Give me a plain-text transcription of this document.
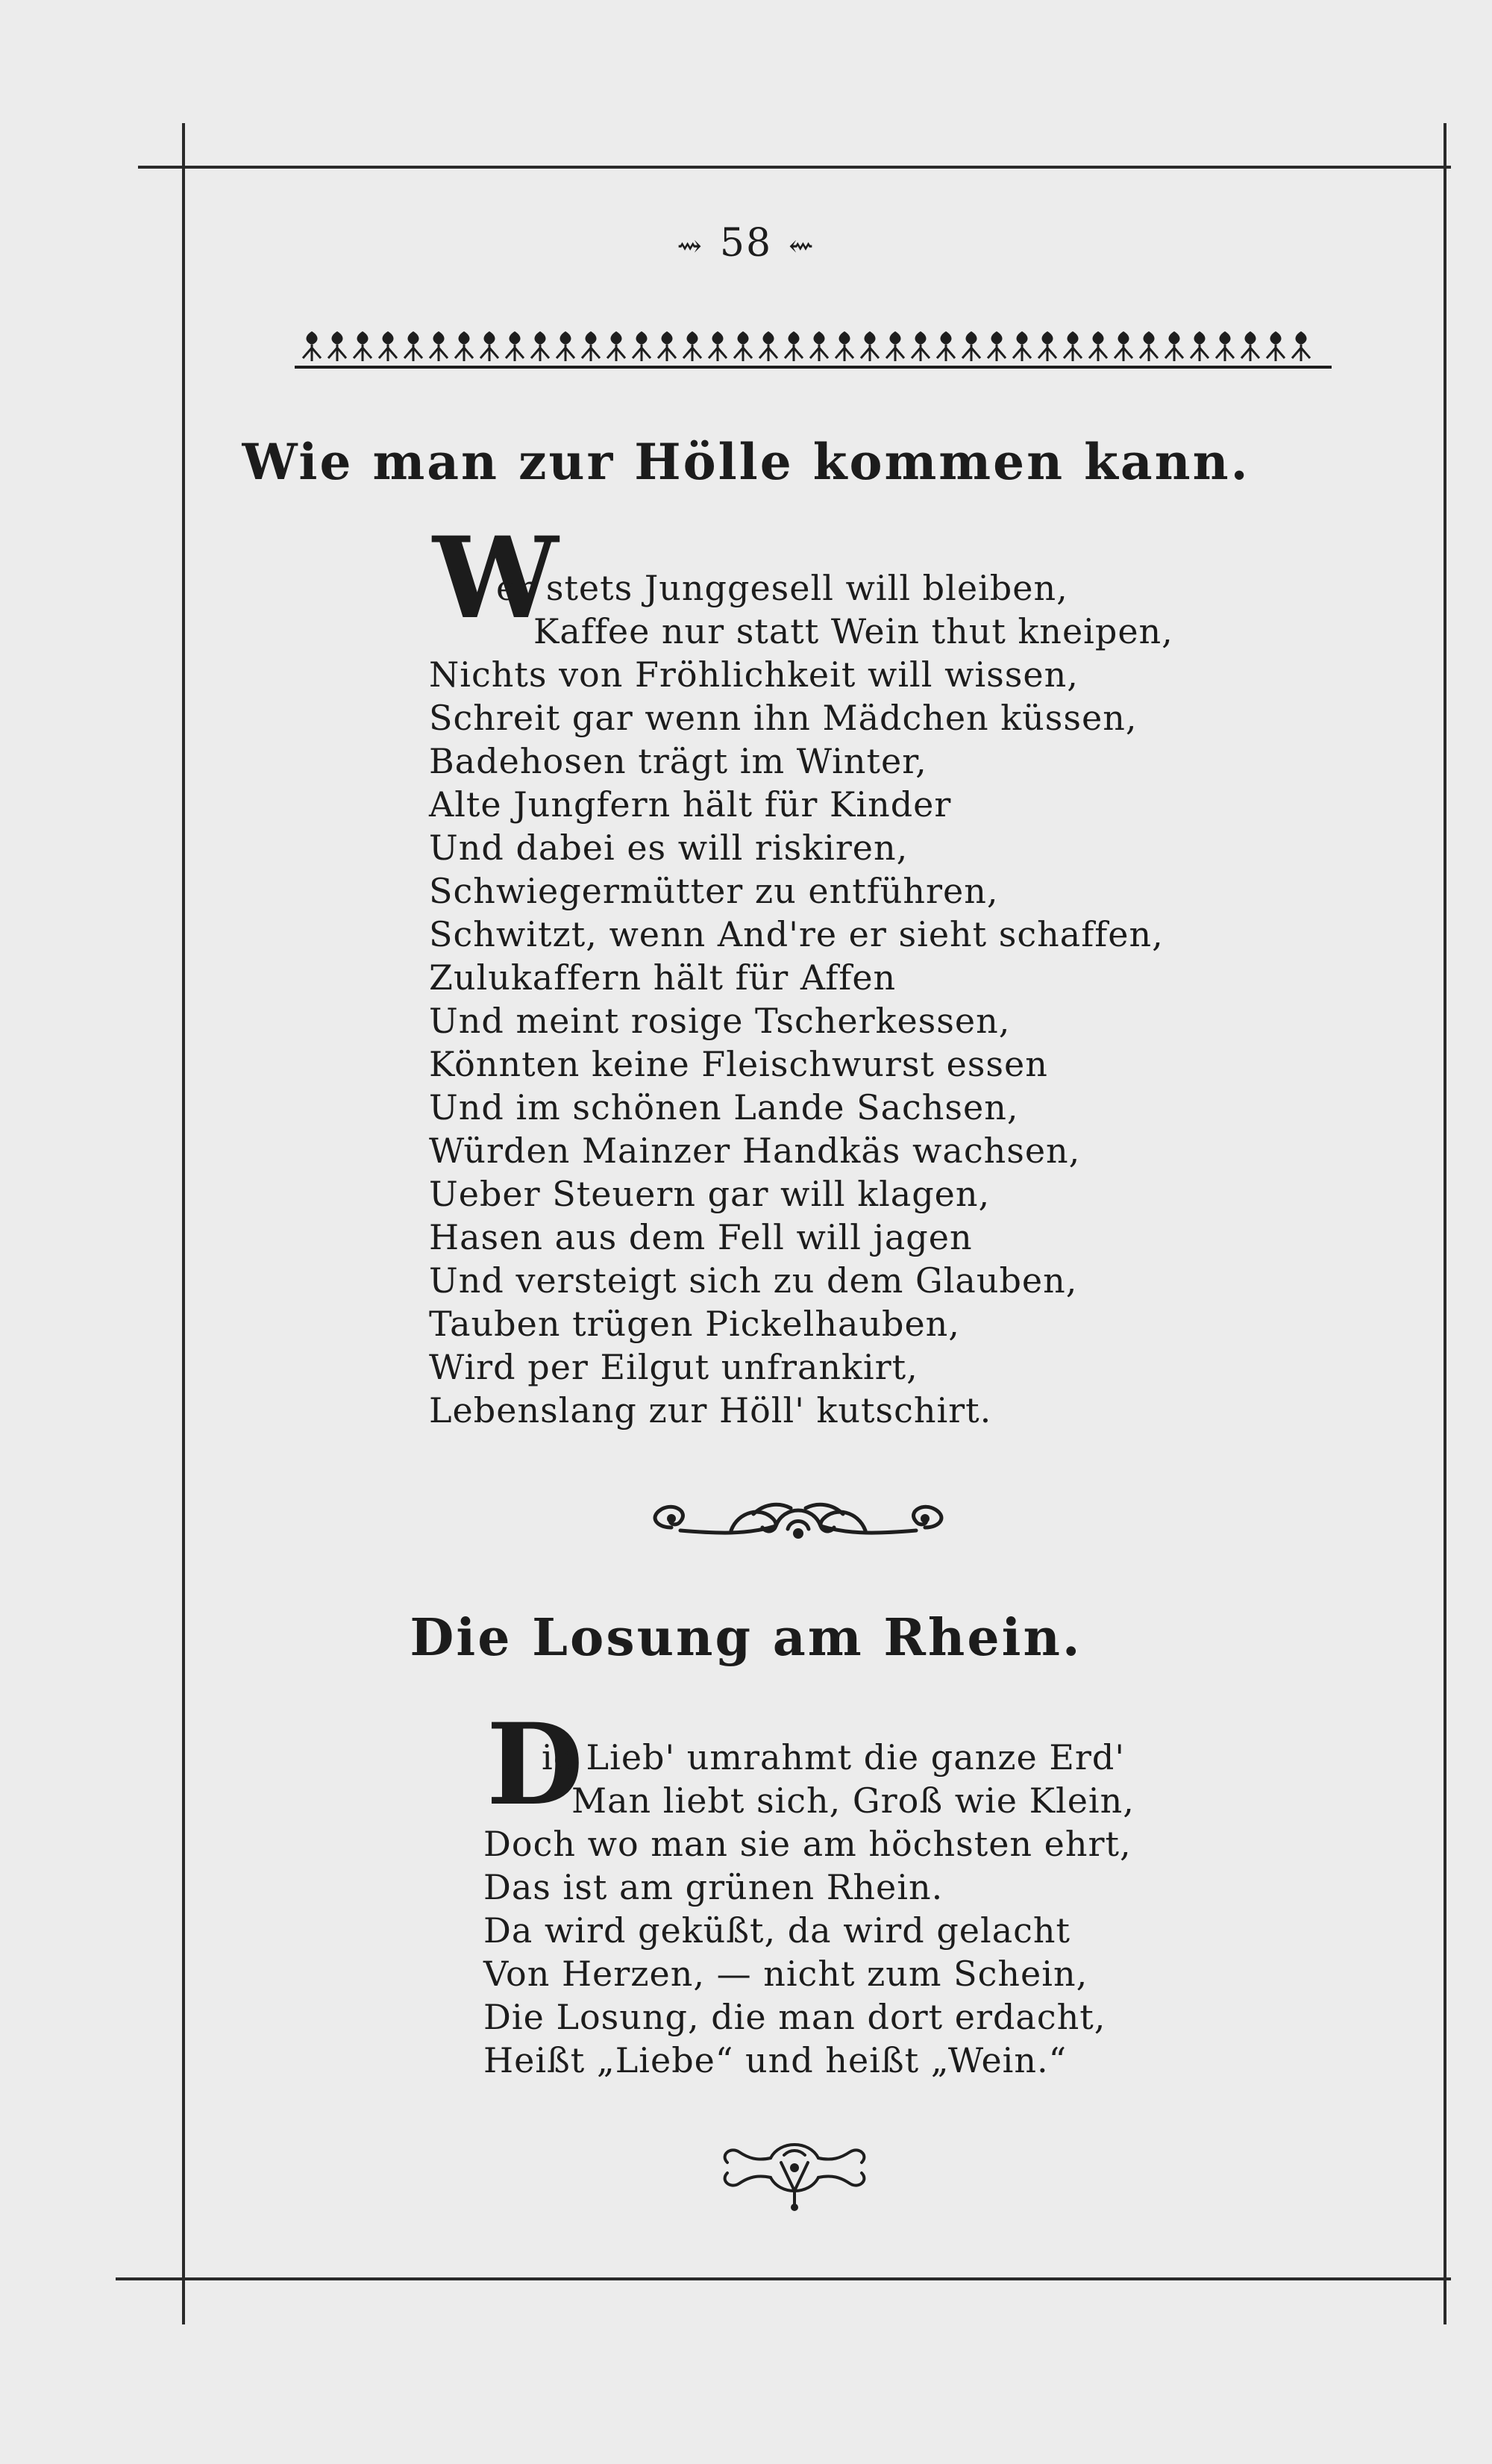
⇝ 58 ⇜
Wie man zur Hölle kommen kann.
W
er stets Junggesell will bleiben,
Kaffee nur statt Wein thut kneipen,
Nichts von Fröhlichkeit will wissen,
Schreit gar wenn ihn Mädchen küssen,
Badehosen trägt im Winter,
Alte Jungfern hält für Kinder
Und dabei es will riskiren,
Schwiegermütter zu entführen,
Schwitzt, wenn And're er sieht schaffen,
Zulukaffern hält für Affen
Und meint rosige Tscherkessen,
Könnten keine Fleischwurst essen
Und im schönen Lande Sachsen,
Würden Mainzer Handkäs wachsen,
Ueber Steuern gar will klagen,
Hasen aus dem Fell will jagen
Und versteigt sich zu dem Glauben,
Tauben trügen Pickelhauben,
Wird per Eilgut unfrankirt,
Lebenslang zur Höll' kutschirt.
Die Losung am Rhein.
D
ie Lieb' umrahmt die ganze Erd'
Man liebt sich, Groß wie Klein,
Doch wo man sie am höchsten ehrt,
Das ist am grünen Rhein.
Da wird geküßt, da wird gelacht
Von Herzen, — nicht zum Schein,
Die Losung, die man dort erdacht,
Heißt „Liebe“ und heißt „Wein.“
